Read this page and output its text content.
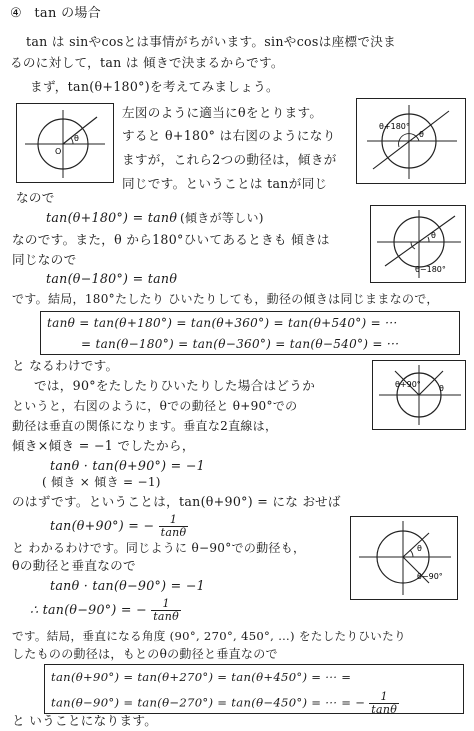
④ tan の場合
tan は sinやcosとは事情がちがいます。sinやcosは座標で決ま
るのに対して，tan は 傾きで決まるからです。
まず，tan(θ+180°)を考えてみましょう。
θ
O
左図のように適当にθをとります。
すると θ+180° は右図のようになり
ますが，これら2つの動径は，傾きが
同じです。ということは tanが同じ
θ+180°
θ
なので
tan(θ+180°) = tanθ (傾きが等しい)
なのです。また，θ から180°ひいてあるときも 傾きは
同じなので
θ
θ−180°
tan(θ−180°) = tanθ
です。結局，180°たしたり ひいたりしても，動径の傾きは同じままなので，
tanθ = tan(θ+180°) = tan(θ+360°) = tan(θ+540°) = ···
= tan(θ−180°) = tan(θ−360°) = tan(θ−540°) = ···
と なるわけです。
では，90°をたしたりひいたりした場合はどうか
というと，右図のように，θでの動径と θ+90°での
動径は垂直の関係になります。垂直な2直線は，
傾き×傾き = −1 でしたから，
θ+90° θ
tanθ · tan(θ+90°) = −1
( 傾き × 傾き = −1)
のはずです。ということは，tan(θ+90°) = にな おせば
tan(θ+90°) = − $\frac{1}{\tan\theta}$
と わかるわけです。同じように θ−90°での動径も，
θの動径と垂直なので
θ
θ−90°
tanθ · tan(θ−90°) = −1
∴ tan(θ−90°) = − $\frac{1}{\tan\theta}$
です。結局，垂直になる角度 (90°, 270°, 450°, …) をたしたりひいたり
したものの動径は，もとのθの動径と垂直なので
tan(θ+90°) = tan(θ+270°) = tan(θ+450°) = ··· =
tan(θ−90°) = tan(θ−270°) = tan(θ−450°) = ··· = − $\frac{1}{\tan\theta}$
と いうことになります。
